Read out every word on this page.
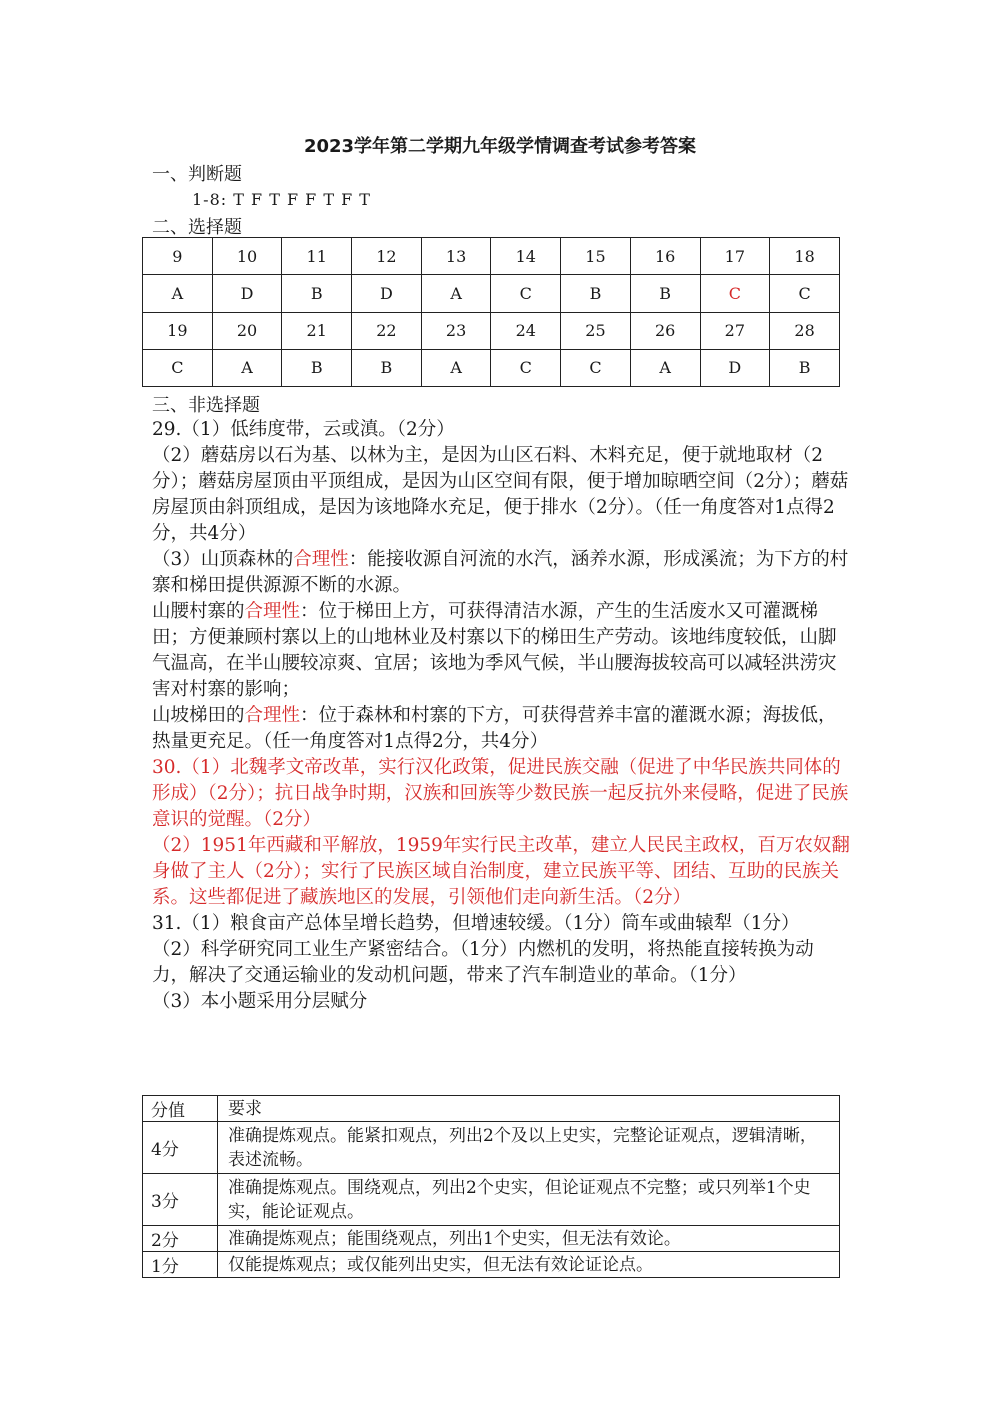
2023学年第二学期九年级学情调查考试参考答案
一、判断题
1-8: T F T F F T F T
二、选择题
9	10	11	12	13	14	15	16	17	18
A	D	B	D	A	C	B	B	C	C
19	20	21	22	23	24	25	26	27	28
C	A	B	B	A	C	C	A	D	B
三、非选择题

29.（1）低纬度带，云或滇。（2分）

（2）蘑菇房以石为基、以林为主，是因为山区石料、木料充足，便于就地取材（2分）；蘑菇房屋顶由平顶组成，是因为山区空间有限，便于增加晾晒空间（2分）；蘑菇房屋顶由斜顶组成，是因为该地降水充足，便于排水（2分）。（任一角度答对1点得2分，共4分）

（3）山顶森林的合理性：能接收源自河流的水汽，涵养水源，形成溪流；为下方的村寨和梯田提供源源不断的水源。

山腰村寨的合理性：位于梯田上方，可获得清洁水源，产生的生活废水又可灌溉梯田；方便兼顾村寨以上的山地林业及村寨以下的梯田生产劳动。该地纬度较低，山脚气温高，在半山腰较凉爽、宜居；该地为季风气候，半山腰海拔较高可以减轻洪涝灾害对村寨的影响；

山坡梯田的合理性：位于森林和村寨的下方，可获得营养丰富的灌溉水源；海拔低，热量更充足。（任一角度答对1点得2分，共4分）

30.（1）北魏孝文帝改革，实行汉化政策，促进民族交融（促进了中华民族共同体的形成）（2分）；抗日战争时期，汉族和回族等少数民族一起反抗外来侵略，促进了民族意识的觉醒。（2分）

（2）1951年西藏和平解放，1959年实行民主改革，建立人民民主政权，百万农奴翻身做了主人（2分）；实行了民族区域自治制度，建立民族平等、团结、互助的民族关系。这些都促进了藏族地区的发展，引领他们走向新生活。（2分）

31.（1）粮食亩产总体呈增长趋势，但增速较缓。（1分）筒车或曲辕犁（1分）

（2）科学研究同工业生产紧密结合。（1分）内燃机的发明，将热能直接转换为动力，解决了交通运输业的发动机问题，带来了汽车制造业的革命。（1分）

（3）本小题采用分层赋分

分值	要求
4分	准确提炼观点。能紧扣观点，列出2个及以上史实，完整论证观点，逻辑清晰，表述流畅。
3分	准确提炼观点。围绕观点，列出2个史实，但论证观点不完整；或只列举1个史实，能论证观点。
2分	准确提炼观点；能围绕观点，列出1个史实，但无法有效论。
1分	仅能提炼观点；或仅能列出史实，但无法有效论证论点。
